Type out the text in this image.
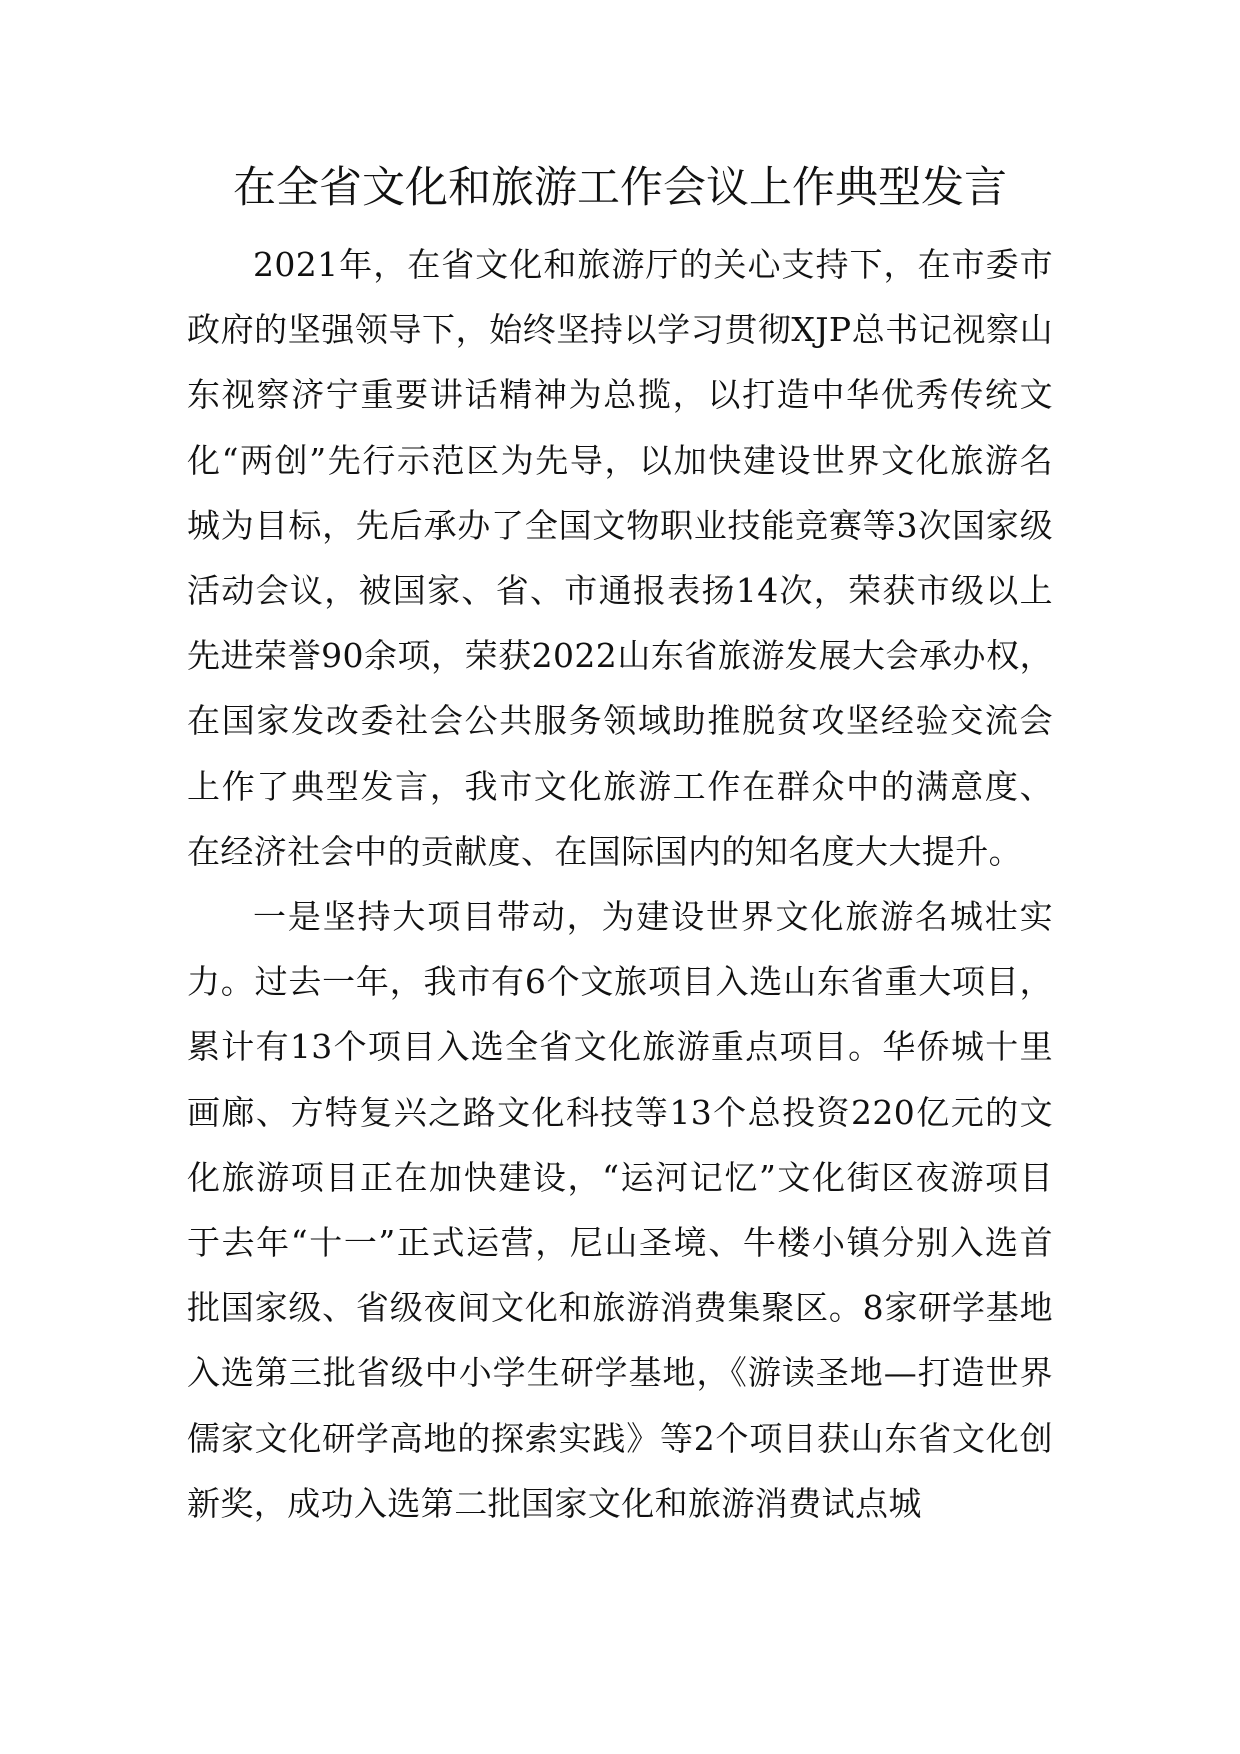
在全省文化和旅游工作会议上作典型发言

2021年，在省文化和旅游厅的关心支持下，在市委市政府的坚强领导下，始终坚持以学习贯彻XJP总书记视察山东视察济宁重要讲话精神为总揽，以打造中华优秀传统文化“两创”先行示范区为先导，以加快建设世界文化旅游名城为目标，先后承办了全国文物职业技能竞赛等3次国家级活动会议，被国家、省、市通报表扬14次，荣获市级以上先进荣誉90余项，荣获2022山东省旅游发展大会承办权，在国家发改委社会公共服务领域助推脱贫攻坚经验交流会上作了典型发言，我市文化旅游工作在群众中的满意度、在经济社会中的贡献度、在国际国内的知名度大大提升。

一是坚持大项目带动，为建设世界文化旅游名城壮实力。过去一年，我市有6个文旅项目入选山东省重大项目，累计有13个项目入选全省文化旅游重点项目。华侨城十里画廊、方特复兴之路文化科技等13个总投资220亿元的文化旅游项目正在加快建设，“运河记忆”文化街区夜游项目于去年“十一”正式运营，尼山圣境、牛楼小镇分别入选首批国家级、省级夜间文化和旅游消费集聚区。8家研学基地入选第三批省级中小学生研学基地，《游读圣地—打造世界儒家文化研学高地的探索实践》等2个项目获山东省文化创新奖，成功入选第二批国家文化和旅游消费试点城
